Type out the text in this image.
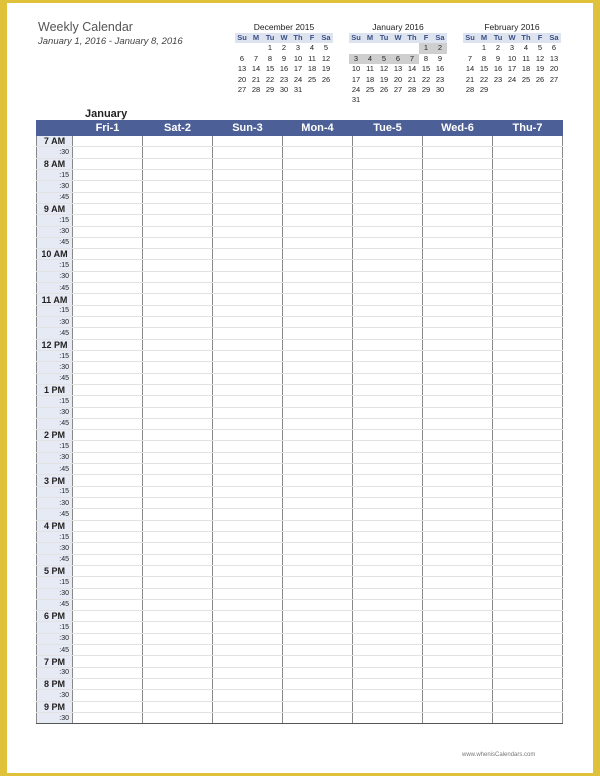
Weekly Calendar
January 1, 2016 - January 8, 2016
December 2015
Su	M	Tu	W	Th	F	Sa
		1	2	3	4	5
6	7	8	9	10	11	12
13	14	15	16	17	18	19
20	21	22	23	24	25	26
27	28	29	30	31		
January 2016
Su	M	Tu	W	Th	F	Sa
					1	2
3	4	5	6	7	8	9
10	11	12	13	14	15	16
17	18	19	20	21	22	23
24	25	26	27	28	29	30
31						
February 2016
Su	M	Tu	W	Th	F	Sa
	1	2	3	4	5	6
7	8	9	10	11	12	13
14	15	16	17	18	19	20
21	22	23	24	25	26	27
28	29					
January
	Fri-1	Sat-2	Sun-3	Mon-4	Tue-5	Wed-6	Thu-7
7 AM							
:30							
8 AM							
:15							
:30							
:45							
9 AM							
:15							
:30							
:45							
10 AM							
:15							
:30							
:45							
11 AM							
:15							
:30							
:45							
12 PM							
:15							
:30							
:45							
1 PM							
:15							
:30							
:45							
2 PM							
:15							
:30							
:45							
3 PM							
:15							
:30							
:45							
4 PM							
:15							
:30							
:45							
5 PM							
:15							
:30							
:45							
6 PM							
:15							
:30							
:45							
7 PM							
:30							
8 PM							
:30							
9 PM							
:30							
www.whenisCalendars.com
